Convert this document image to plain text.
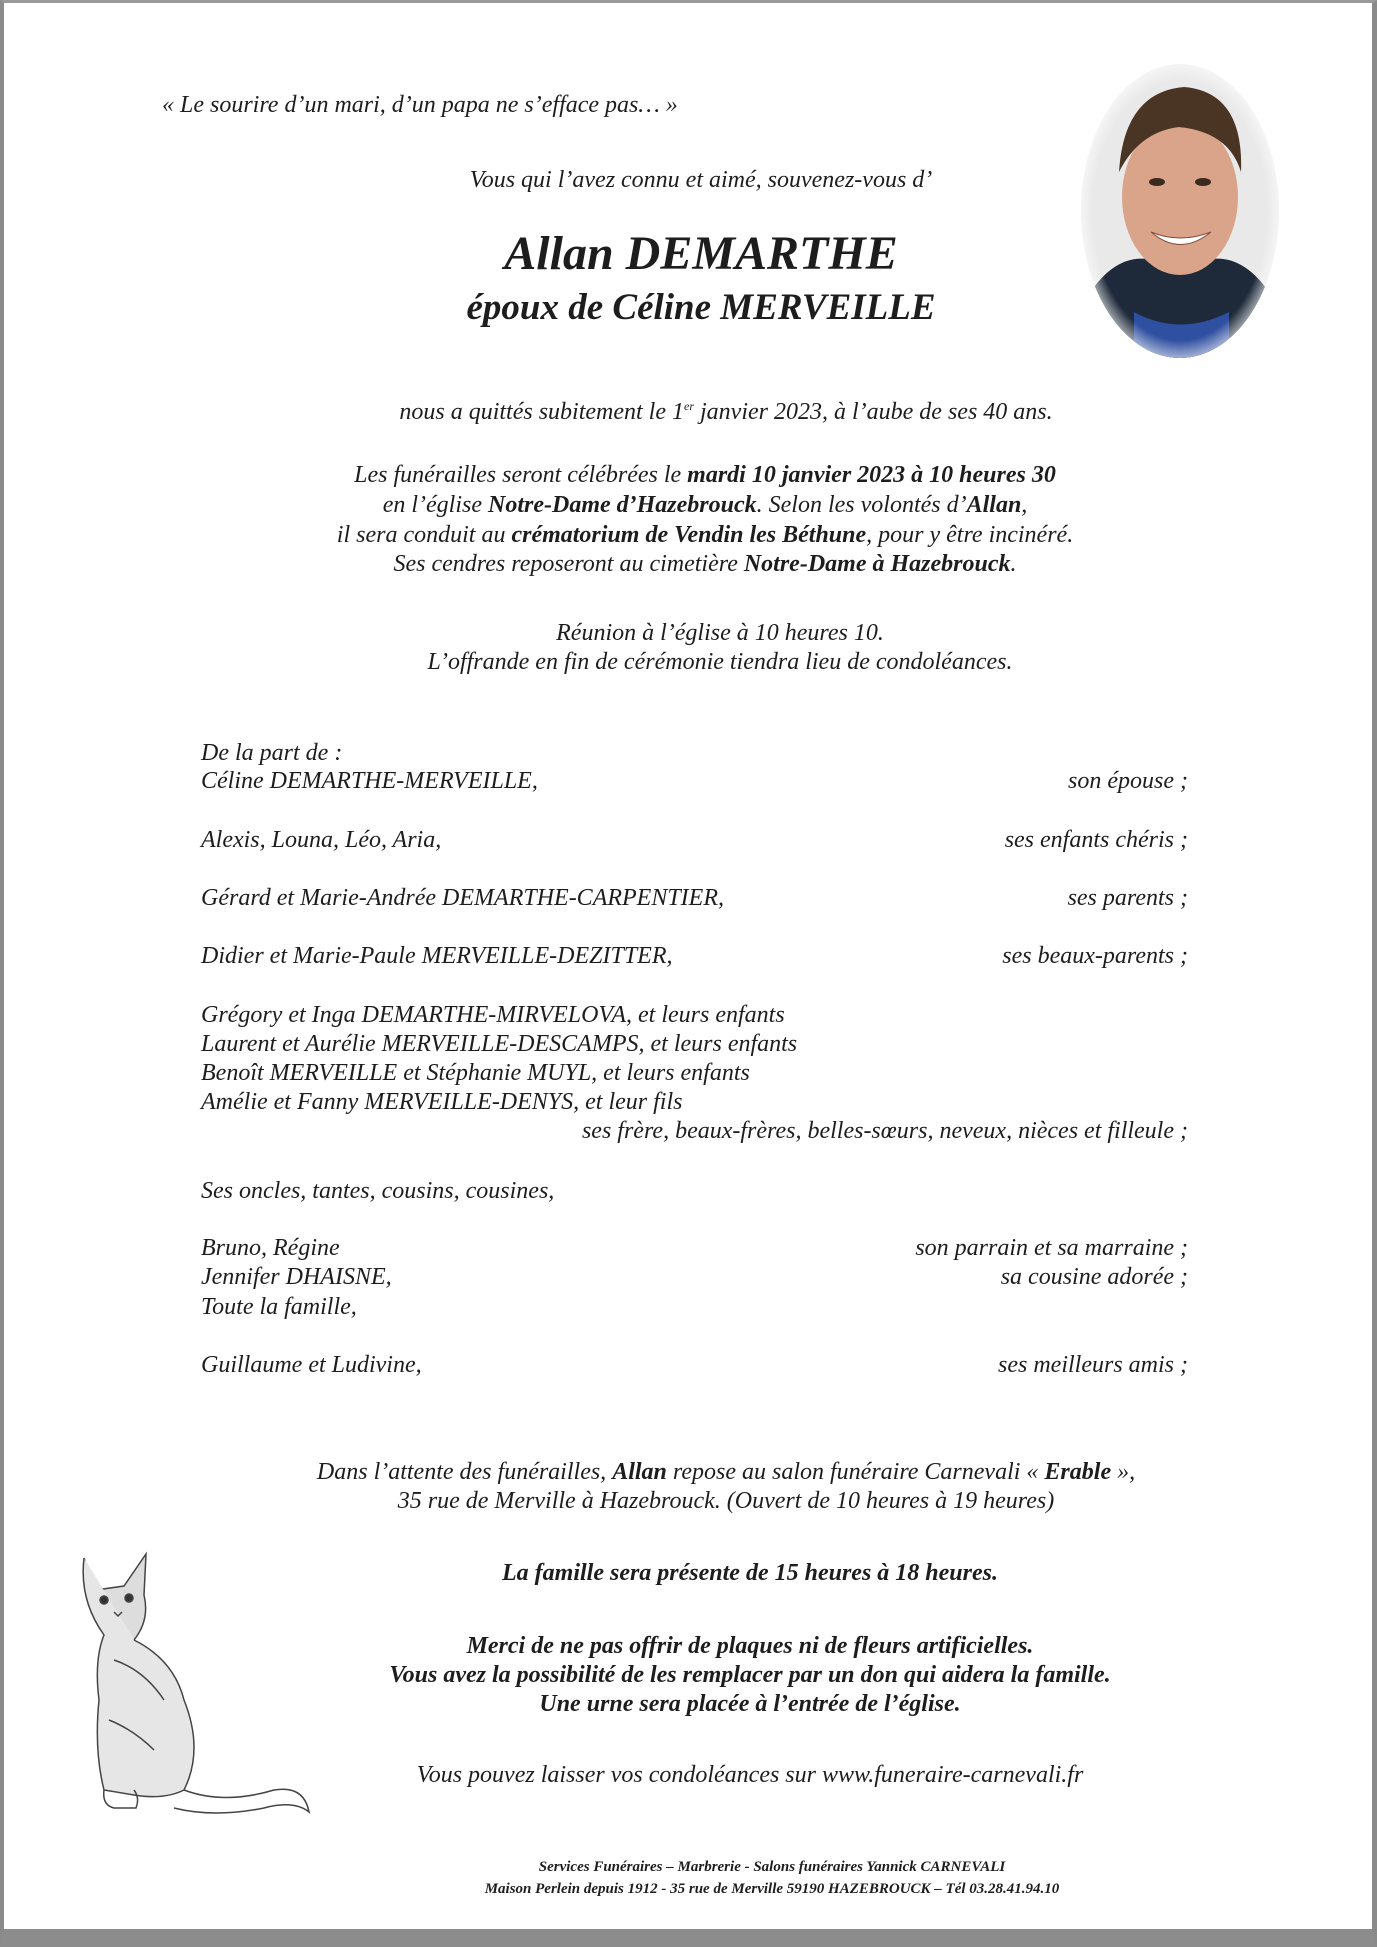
« Le sourire d’un mari, d’un papa ne s’efface pas… »
Vous qui l’avez connu et aimé, souvenez-vous d’
Allan DEMARTHE
époux de Céline MERVEILLE
nous a quittés subitement le 1er janvier 2023, à l’aube de ses 40 ans.
Les funérailles seront célébrées le mardi 10 janvier 2023 à 10 heures 30
en l’église Notre-Dame d’Hazebrouck. Selon les volontés d’Allan,
il sera conduit au crématorium de Vendin les Béthune, pour y être incinéré.
Ses cendres reposeront au cimetière Notre-Dame à Hazebrouck.
Réunion à l’église à 10 heures 10.
L’offrande en fin de cérémonie tiendra lieu de condoléances.
De la part de :
Céline DEMARTHE-MERVEILLE,	son épouse ;
Alexis, Louna, Léo, Aria,	ses enfants chéris ;
Gérard et Marie-Andrée DEMARTHE-CARPENTIER,	ses parents ;
Didier et Marie-Paule MERVEILLE-DEZITTER,	ses beaux-parents ;
Grégory et Inga DEMARTHE-MIRVELOVA, et leurs enfants
Laurent et Aurélie MERVEILLE-DESCAMPS, et leurs enfants
Benoît MERVEILLE et Stéphanie MUYL, et leurs enfants
Amélie et Fanny MERVEILLE-DENYS, et leur fils
ses frère, beaux-frères, belles-sœurs, neveux, nièces et filleule ;
Ses oncles, tantes, cousins, cousines,
Bruno, Régine	son parrain et sa marraine ;
Jennifer DHAISNE,	sa cousine adorée ;
Toute la famille,
Guillaume et Ludivine,	ses meilleurs amis ;
Dans l’attente des funérailles, Allan repose au salon funéraire Carnevali « Erable »,
35 rue de Merville à Hazebrouck. (Ouvert de 10 heures à 19 heures)
La famille sera présente de 15 heures à 18 heures.
Merci de ne pas offrir de plaques ni de fleurs artificielles.
Vous avez la possibilité de les remplacer par un don qui aidera la famille.
Une urne sera placée à l’entrée de l’église.
Vous pouvez laisser vos condoléances sur www.funeraire-carnevali.fr
Services Funéraires – Marbrerie - Salons funéraires Yannick CARNEVALI
Maison Perlein depuis 1912 - 35 rue de Merville 59190 HAZEBROUCK – Tél 03.28.41.94.10
